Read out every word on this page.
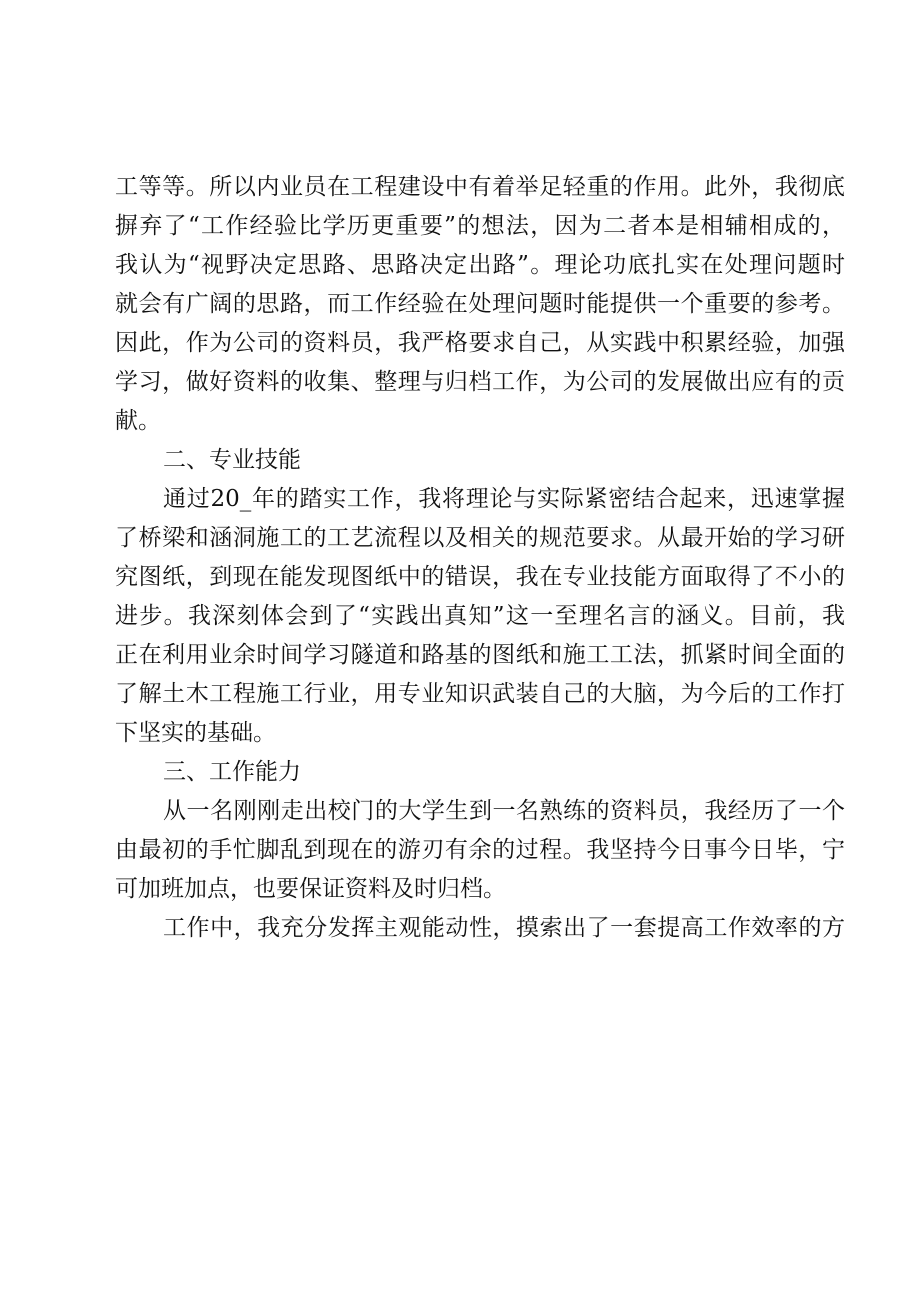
工等等。所以内业员在工程建设中有着举足轻重的作用。此外，我彻底
摒弃了“工作经验比学历更重要”的想法，因为二者本是相辅相成的，
我认为“视野决定思路、思路决定出路”。理论功底扎实在处理问题时
就会有广阔的思路，而工作经验在处理问题时能提供一个重要的参考。
因此，作为公司的资料员，我严格要求自己，从实践中积累经验，加强
学习，做好资料的收集、整理与归档工作，为公司的发展做出应有的贡
献。
二、专业技能
通过20_年的踏实工作，我将理论与实际紧密结合起来，迅速掌握
了桥梁和涵洞施工的工艺流程以及相关的规范要求。从最开始的学习研
究图纸，到现在能发现图纸中的错误，我在专业技能方面取得了不小的
进步。我深刻体会到了“实践出真知”这一至理名言的涵义。目前，我
正在利用业余时间学习隧道和路基的图纸和施工工法，抓紧时间全面的
了解土木工程施工行业，用专业知识武装自己的大脑，为今后的工作打
下坚实的基础。
三、工作能力
从一名刚刚走出校门的大学生到一名熟练的资料员，我经历了一个
由最初的手忙脚乱到现在的游刃有余的过程。我坚持今日事今日毕，宁
可加班加点，也要保证资料及时归档。
工作中，我充分发挥主观能动性，摸索出了一套提高工作效率的方
